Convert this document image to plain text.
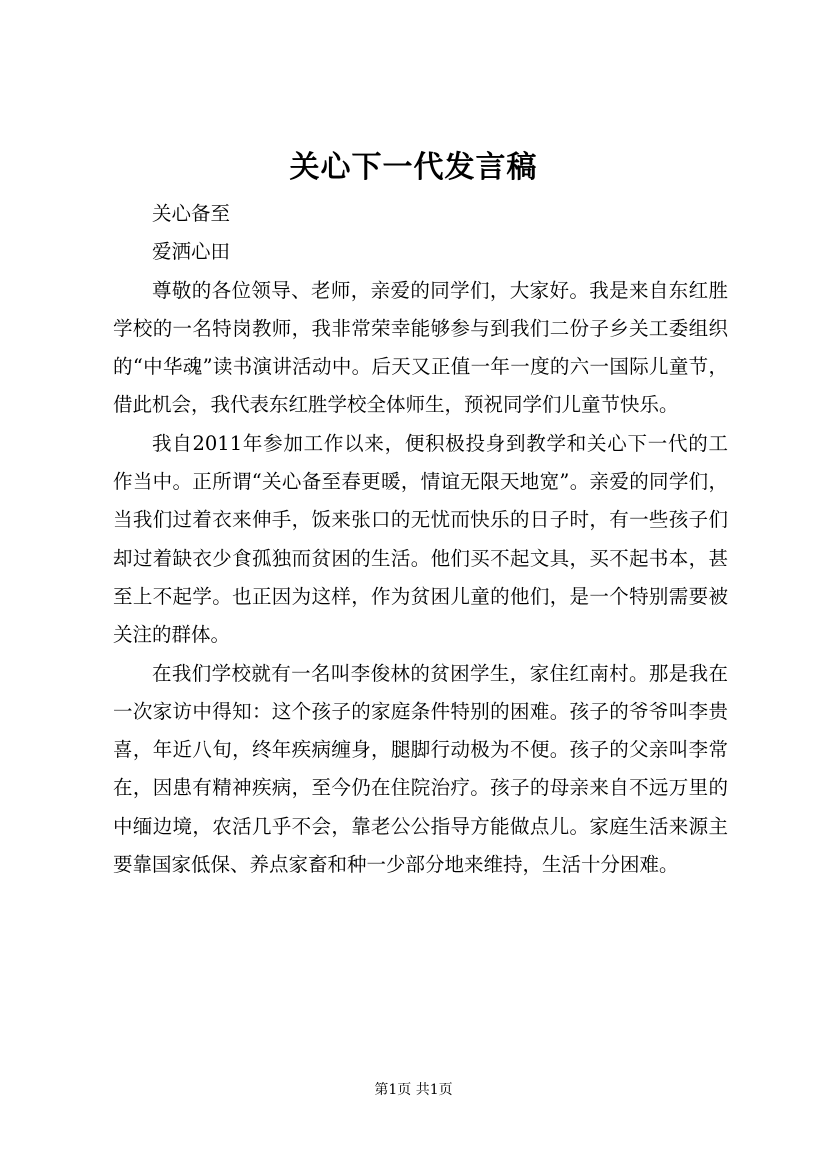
关心下一代发言稿

关心备至

爱洒心田

尊敬的各位领导、老师，亲爱的同学们，大家好。我是来自东红胜学校的一名特岗教师，我非常荣幸能够参与到我们二份子乡关工委组织的“中华魂”读书演讲活动中。后天又正值一年一度的六一国际儿童节，借此机会，我代表东红胜学校全体师生，预祝同学们儿童节快乐。

我自2011年参加工作以来，便积极投身到教学和关心下一代的工作当中。正所谓“关心备至春更暖，情谊无限天地宽”。亲爱的同学们，当我们过着衣来伸手，饭来张口的无忧而快乐的日子时，有一些孩子们却过着缺衣少食孤独而贫困的生活。他们买不起文具，买不起书本，甚至上不起学。也正因为这样，作为贫困儿童的他们，是一个特别需要被关注的群体。

在我们学校就有一名叫李俊林的贫困学生，家住红南村。那是我在一次家访中得知：这个孩子的家庭条件特别的困难。孩子的爷爷叫李贵喜，年近八旬，终年疾病缠身，腿脚行动极为不便。孩子的父亲叫李常在，因患有精神疾病，至今仍在住院治疗。孩子的母亲来自不远万里的中缅边境，农活几乎不会，靠老公公指导方能做点儿。家庭生活来源主要靠国家低保、养点家畜和种一少部分地来维持，生活十分困难。

第1页 共1页
